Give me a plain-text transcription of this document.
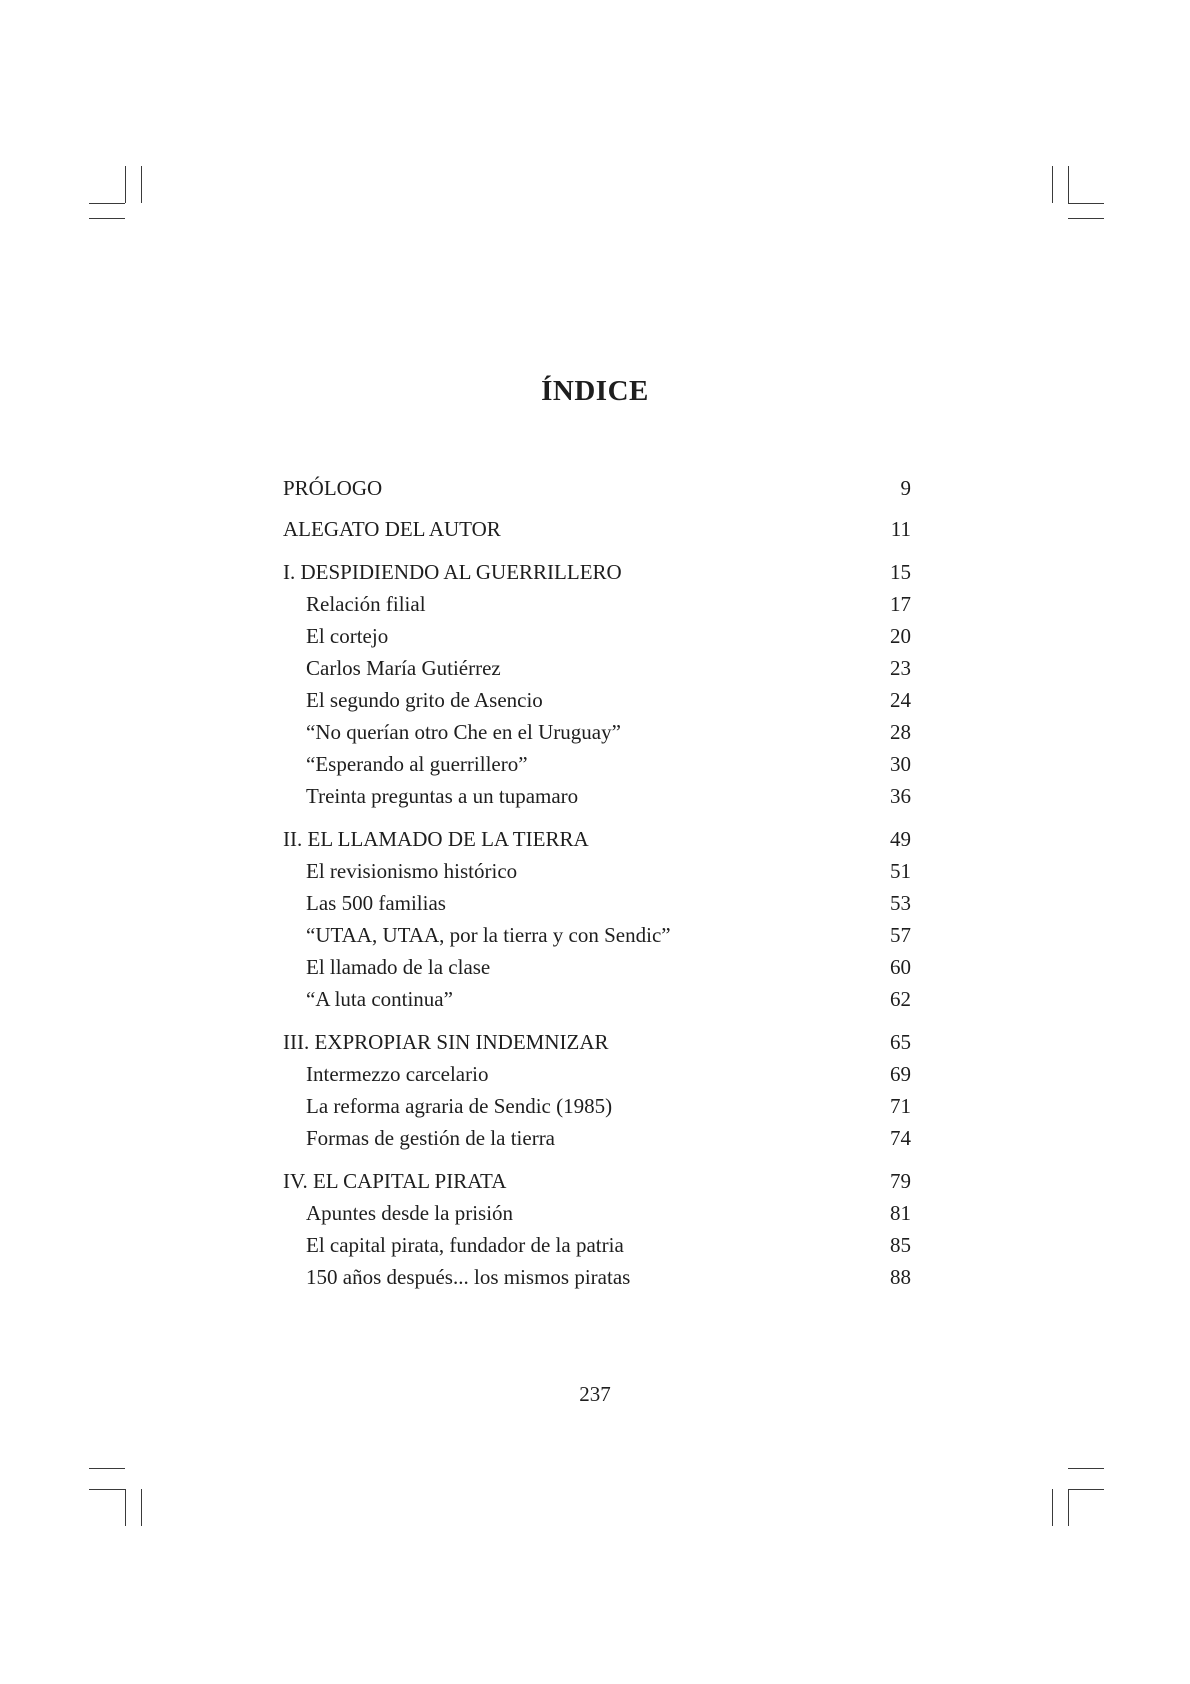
ÍNDICE
PRÓLOGO	9
ALEGATO DEL AUTOR	11
I. DESPIDIENDO AL GUERRILLERO	15
Relación filial	17
El cortejo	20
Carlos María Gutiérrez	23
El segundo grito de Asencio	24
“No querían otro Che en el Uruguay”	28
“Esperando al guerrillero”	30
Treinta preguntas a un tupamaro	36
II. EL LLAMADO DE LA TIERRA	49
El revisionismo histórico	51
Las 500 familias	53
“UTAA, UTAA, por la tierra y con Sendic”	57
El llamado de la clase	60
“A luta continua”	62
III. EXPROPIAR SIN INDEMNIZAR	65
Intermezzo carcelario	69
La reforma agraria de Sendic (1985)	71
Formas de gestión de la tierra	74
IV. EL CAPITAL PIRATA	79
Apuntes desde la prisión	81
El capital pirata, fundador de la patria	85
150 años después... los mismos piratas	88
237
